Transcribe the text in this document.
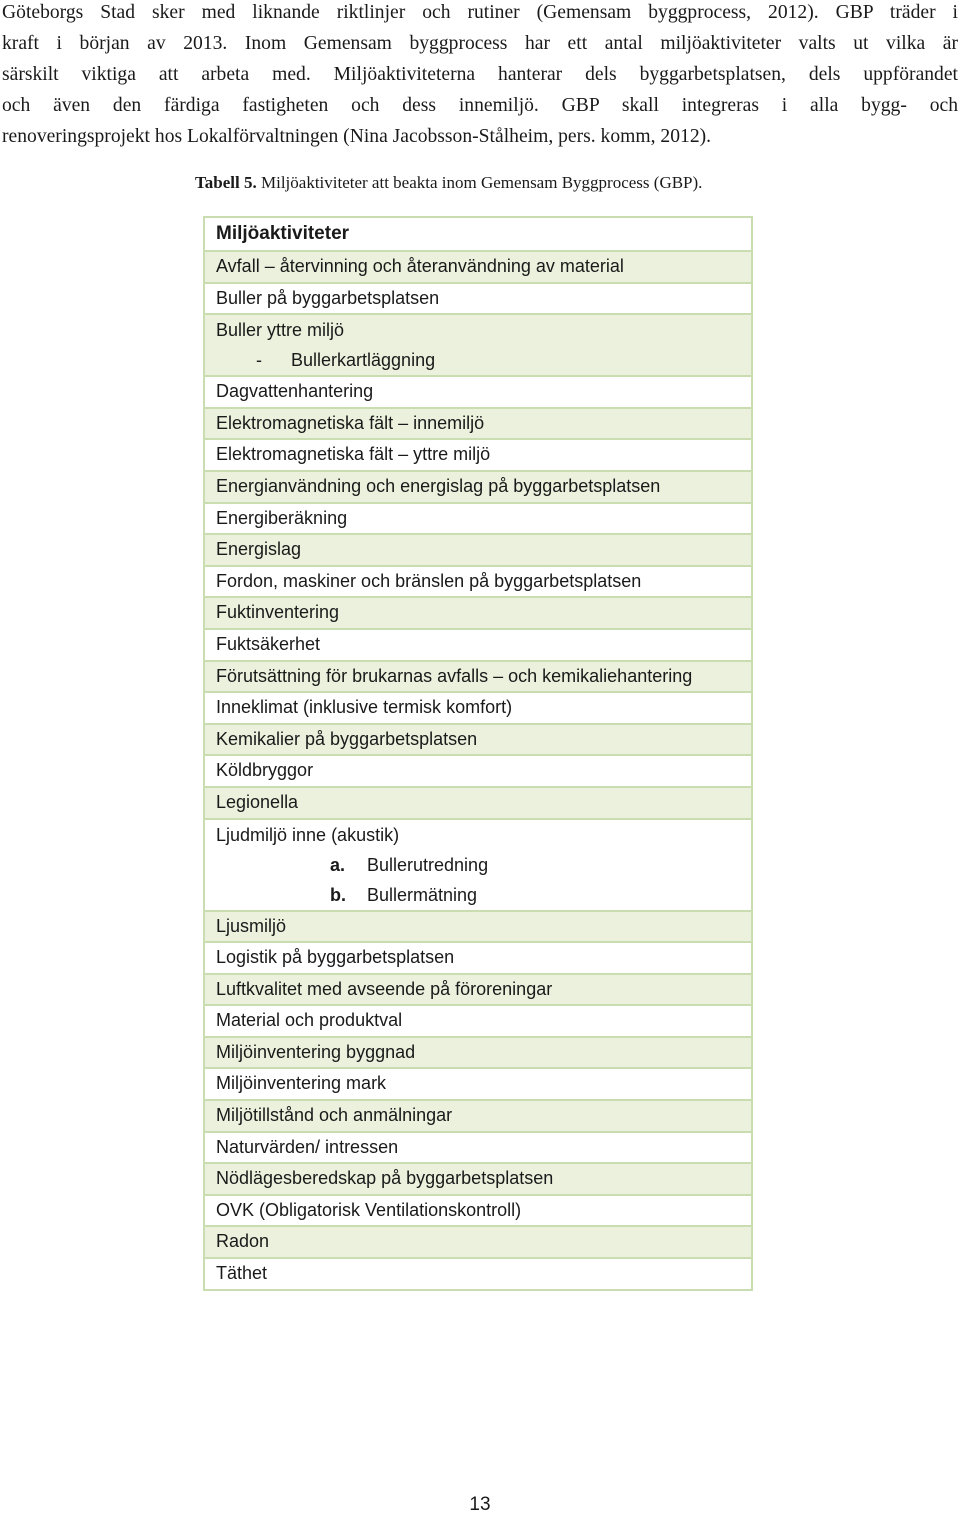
Göteborgs Stad sker med liknande riktlinjer och rutiner (Gemensam byggprocess, 2012). GBP träder i
kraft i början av 2013. Inom Gemensam byggprocess har ett antal miljöaktiviteter valts ut vilka är
särskilt viktiga att arbeta med. Miljöaktiviteterna hanterar dels byggarbetsplatsen, dels uppförandet
och även den färdiga fastigheten och dess innemiljö. GBP skall integreras i alla bygg- och
renoveringsprojekt hos Lokalförvaltningen (Nina Jacobsson-Stålheim, pers. komm, 2012).
Tabell 5. Miljöaktiviteter att beakta inom Gemensam Byggprocess (GBP).
Miljöaktiviteter
Avfall – återvinning och återanvändning av material
Buller på byggarbetsplatsen
Buller yttre miljö
- Bullerkartläggning
Dagvattenhantering
Elektromagnetiska fält – innemiljö
Elektromagnetiska fält – yttre miljö
Energianvändning och energislag på byggarbetsplatsen
Energiberäkning
Energislag
Fordon, maskiner och bränslen på byggarbetsplatsen
Fuktinventering
Fuktsäkerhet
Förutsättning för brukarnas avfalls – och kemikaliehantering
Inneklimat (inklusive termisk komfort)
Kemikalier på byggarbetsplatsen
Köldbryggor
Legionella
Ljudmiljö inne (akustik)
a. Bullerutredning
b. Bullermätning
Ljusmiljö
Logistik på byggarbetsplatsen
Luftkvalitet med avseende på föroreningar
Material och produktval
Miljöinventering byggnad
Miljöinventering mark
Miljötillstånd och anmälningar
Naturvärden/ intressen
Nödlägesberedskap på byggarbetsplatsen
OVK (Obligatorisk Ventilationskontroll)
Radon
Täthet
13
